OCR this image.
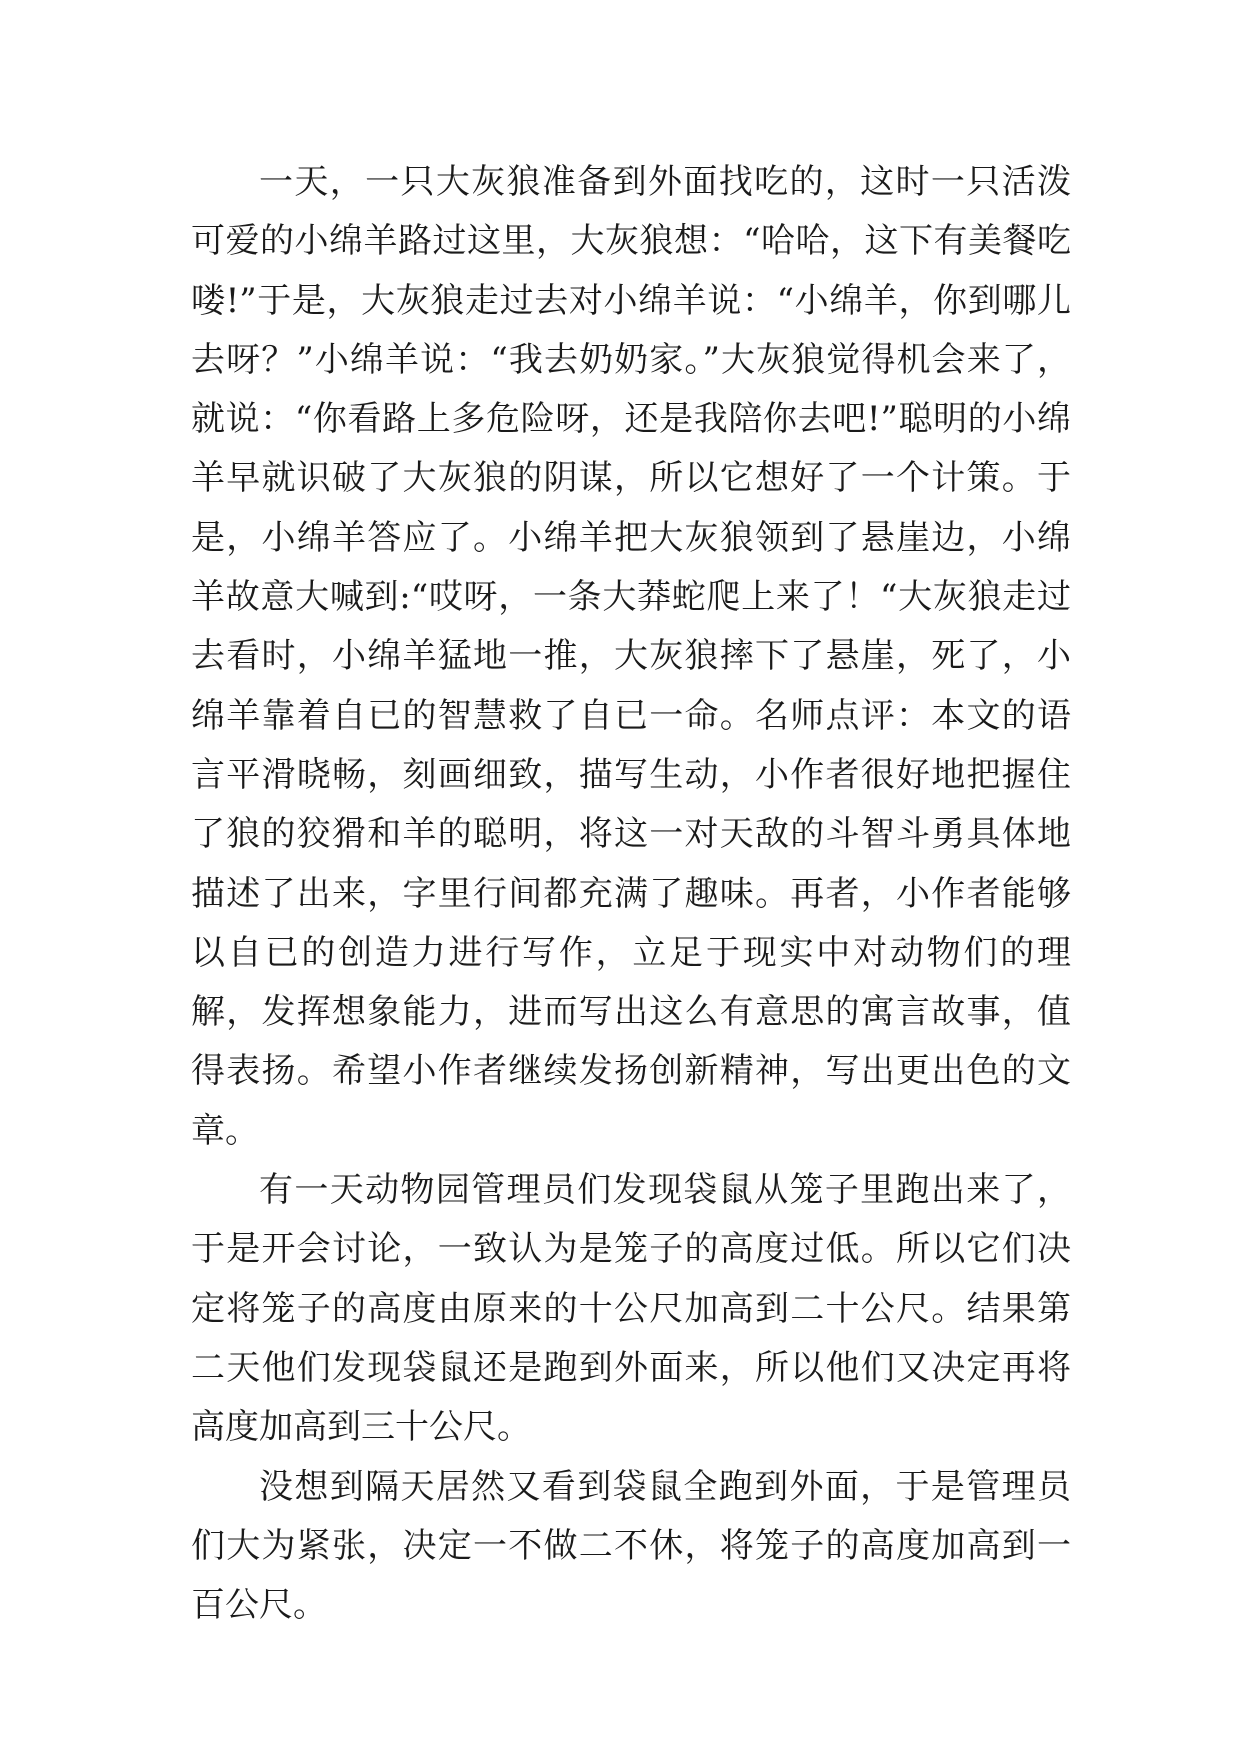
一天，一只大灰狼准备到外面找吃的，这时一只活泼可爱的小绵羊路过这里，大灰狼想：“哈哈，这下有美餐吃喽!”于是，大灰狼走过去对小绵羊说：“小绵羊，你到哪儿去呀？”小绵羊说：“我去奶奶家。”大灰狼觉得机会来了，就说：“你看路上多危险呀，还是我陪你去吧!”聪明的小绵羊早就识破了大灰狼的阴谋，所以它想好了一个计策。于是，小绵羊答应了。小绵羊把大灰狼领到了悬崖边，小绵羊故意大喊到:“哎呀，一条大莽蛇爬上来了！“大灰狼走过去看时，小绵羊猛地一推，大灰狼摔下了悬崖，死了，小绵羊靠着自已的智慧救了自已一命。名师点评：本文的语言平滑晓畅，刻画细致，描写生动，小作者很好地把握住了狼的狡猾和羊的聪明，将这一对天敌的斗智斗勇具体地描述了出来，字里行间都充满了趣味。再者，小作者能够以自已的创造力进行写作，立足于现实中对动物们的理解，发挥想象能力，进而写出这么有意思的寓言故事，值得表扬。希望小作者继续发扬创新精神，写出更出色的文章。

有一天动物园管理员们发现袋鼠从笼子里跑出来了，于是开会讨论，一致认为是笼子的高度过低。所以它们决定将笼子的高度由原来的十公尺加高到二十公尺。结果第二天他们发现袋鼠还是跑到外面来，所以他们又决定再将高度加高到三十公尺。

没想到隔天居然又看到袋鼠全跑到外面，于是管理员们大为紧张，决定一不做二不休，将笼子的高度加高到一百公尺。
